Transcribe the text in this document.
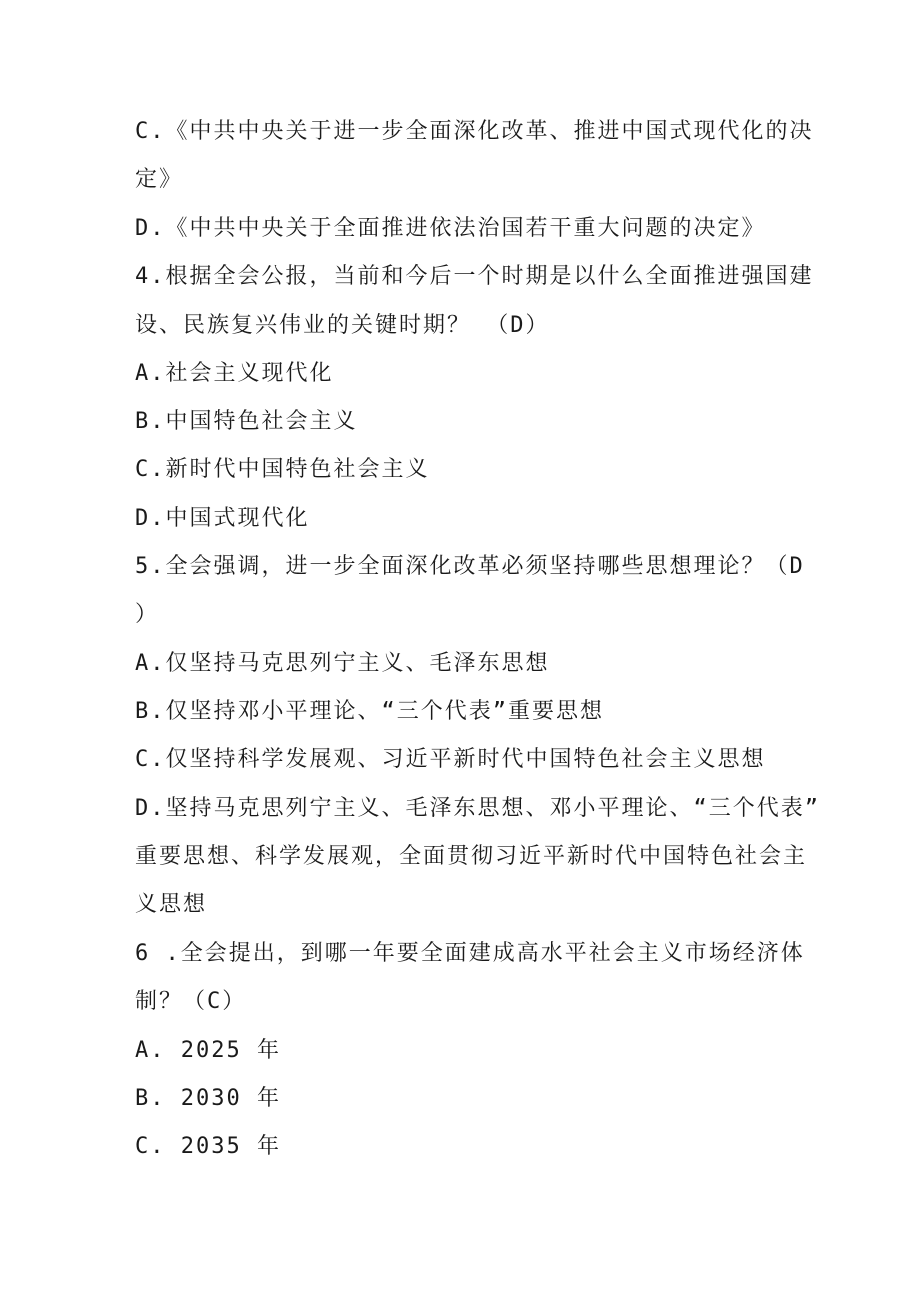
C.《中共中央关于进一步全面深化改革、推进中国式现代化的决
定》
D.《中共中央关于全面推进依法治国若干重大问题的决定》
4.根据全会公报，当前和今后一个时期是以什么全面推进强国建
设、民族复兴伟业的关键时期？ （D）
A.社会主义现代化
B.中国特色社会主义
C.新时代中国特色社会主义
D.中国式现代化
5.全会强调，进一步全面深化改革必须坚持哪些思想理论？（D
）
A.仅坚持马克思列宁主义、毛泽东思想
B.仅坚持邓小平理论、“三个代表”重要思想
C.仅坚持科学发展观、习近平新时代中国特色社会主义思想
D.坚持马克思列宁主义、毛泽东思想、邓小平理论、“三个代表”
重要思想、科学发展观，全面贯彻习近平新时代中国特色社会主
义思想
6 .全会提出，到哪一年要全面建成高水平社会主义市场经济体
制？（C）
A. 2025 年
B. 2030 年
C. 2035 年
